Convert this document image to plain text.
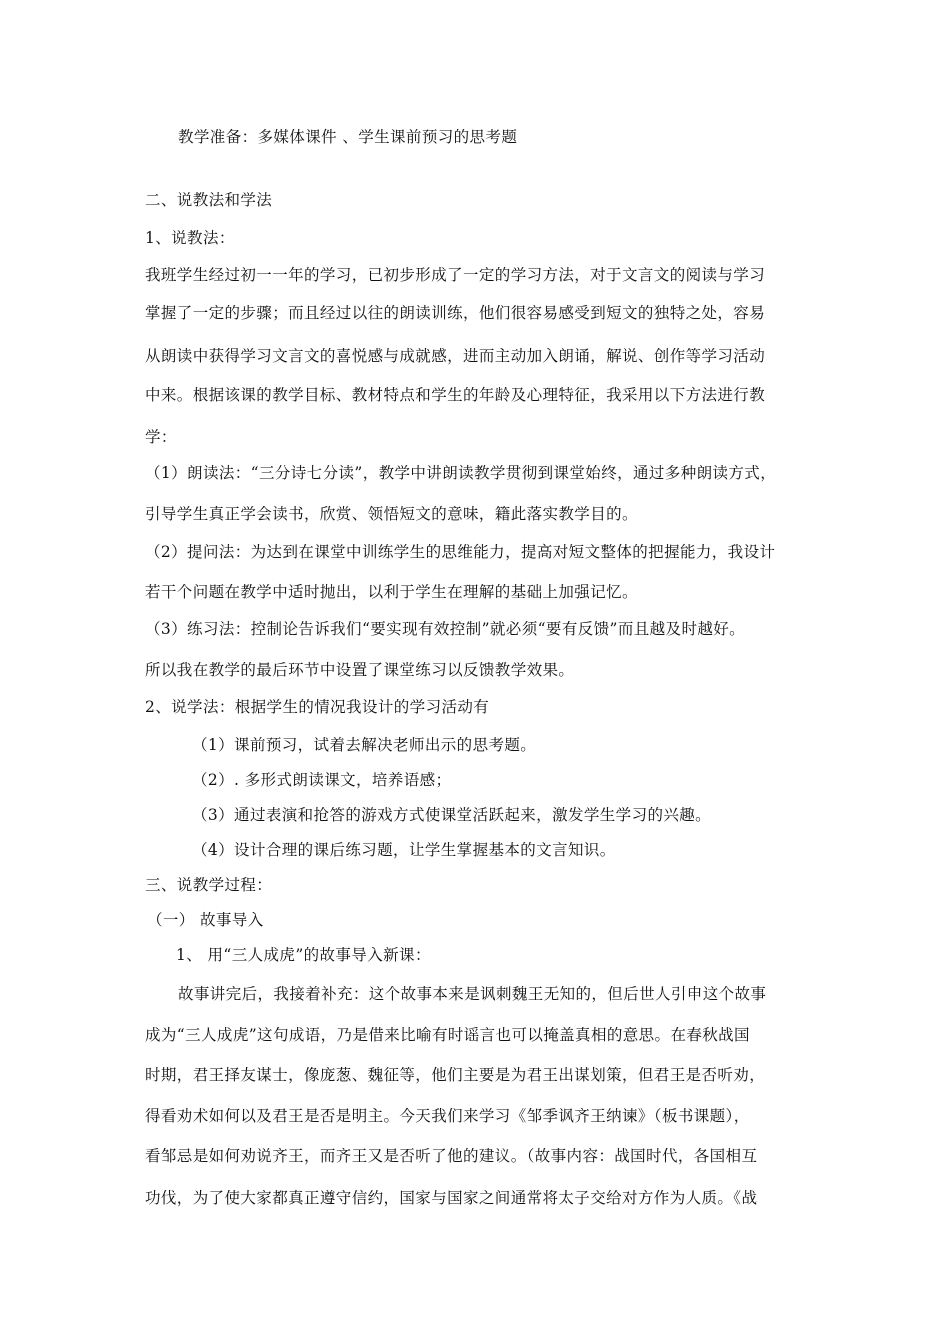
教学准备：多媒体课件 、学生课前预习的思考题
二、说教法和学法
1、说教法：
我班学生经过初一一年的学习，已初步形成了一定的学习方法，对于文言文的阅读与学习
掌握了一定的步骤；而且经过以往的朗读训练，他们很容易感受到短文的独特之处，容易
从朗读中获得学习文言文的喜悦感与成就感，进而主动加入朗诵，解说、创作等学习活动
中来。根据该课的教学目标、教材特点和学生的年龄及心理特征，我采用以下方法进行教
学：
（1）朗读法：“三分诗七分读”，教学中讲朗读教学贯彻到课堂始终，通过多种朗读方式，
引导学生真正学会读书，欣赏、领悟短文的意味，籍此落实教学目的。
（2）提问法：为达到在课堂中训练学生的思维能力，提高对短文整体的把握能力，我设计
若干个问题在教学中适时抛出，以利于学生在理解的基础上加强记忆。
（3）练习法：控制论告诉我们“要实现有效控制”就必须“要有反馈”而且越及时越好。
所以我在教学的最后环节中设置了课堂练习以反馈教学效果。
2、说学法：根据学生的情况我设计的学习活动有
（1）课前预习，试着去解决老师出示的思考题。
（2）. 多形式朗读课文，培养语感；
（3）通过表演和抢答的游戏方式使课堂活跃起来，激发学生学习的兴趣。
（4）设计合理的课后练习题，让学生掌握基本的文言知识。
三、说教学过程：
（一） 故事导入
1、 用“三人成虎”的故事导入新课：
故事讲完后，我接着补充：这个故事本来是讽刺魏王无知的，但后世人引申这个故事
成为“三人成虎”这句成语，乃是借来比喻有时谣言也可以掩盖真相的意思。在春秋战国
时期，君王择友谋士，像庞葱、魏征等，他们主要是为君王出谋划策，但君王是否听劝，
得看劝术如何以及君王是否是明主。今天我们来学习《邹季讽齐王纳谏》（板书课题），
看邹忌是如何劝说齐王，而齐王又是否听了他的建议。（故事内容：战国时代，各国相互
功伐，为了使大家都真正遵守信约，国家与国家之间通常将太子交给对方作为人质。《战
